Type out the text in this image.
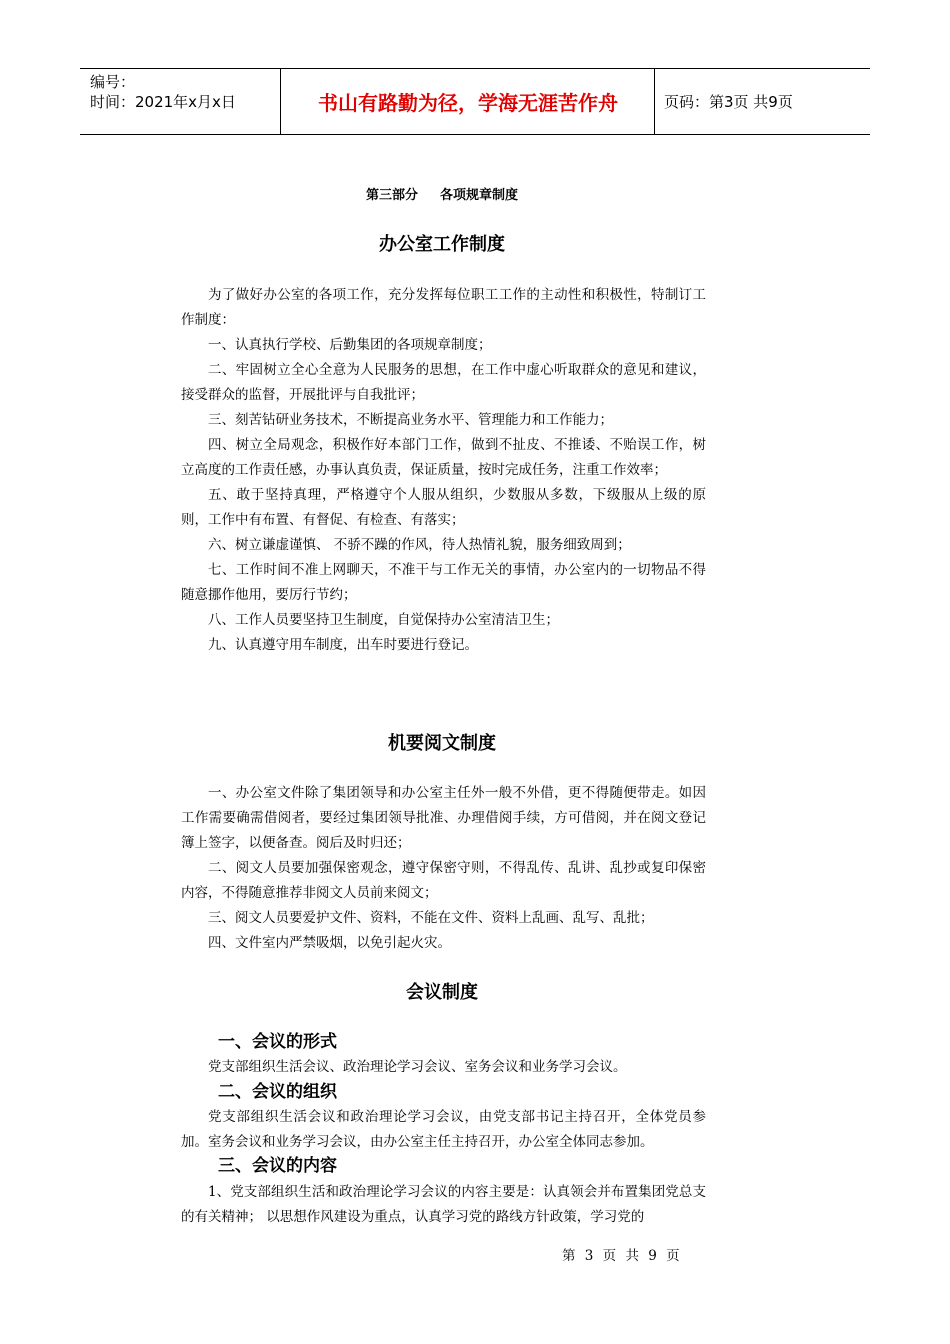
编号：
时间：2021年x月x日	书山有路勤为径，学海无涯苦作舟	页码：第3页 共9页
第三部分 各项规章制度
办公室工作制度

为了做好办公室的各项工作，充分发挥每位职工工作的主动性和积极性，特制订工作制度：

一、认真执行学校、后勤集团的各项规章制度；

二、牢固树立全心全意为人民服务的思想，在工作中虚心听取群众的意见和建议，接受群众的监督，开展批评与自我批评；

三、刻苦钻研业务技术，不断提高业务水平、管理能力和工作能力；

四、树立全局观念，积极作好本部门工作，做到不扯皮、不推诿、不贻误工作，树立高度的工作责任感，办事认真负责，保证质量，按时完成任务，注重工作效率；

五、敢于坚持真理，严格遵守个人服从组织，少数服从多数，下级服从上级的原则，工作中有布置、有督促、有检查、有落实；

六、树立谦虚谨慎、 不骄不躁的作风，待人热情礼貌，服务细致周到；

七、工作时间不准上网聊天，不准干与工作无关的事情，办公室内的一切物品不得随意挪作他用，要厉行节约；

八、工作人员要坚持卫生制度，自觉保持办公室清洁卫生；

九、认真遵守用车制度，出车时要进行登记。

机要阅文制度

一、办公室文件除了集团领导和办公室主任外一般不外借，更不得随便带走。如因工作需要确需借阅者，要经过集团领导批准、办理借阅手续，方可借阅，并在阅文登记簿上签字，以便备查。阅后及时归还；

二、阅文人员要加强保密观念，遵守保密守则，不得乱传、乱讲、乱抄或复印保密内容，不得随意推荐非阅文人员前来阅文；

三、阅文人员要爱护文件、资料，不能在文件、资料上乱画、乱写、乱批；

四、文件室内严禁吸烟，以免引起火灾。

会议制度
一、会议的形式

党支部组织生活会议、政治理论学习会议、室务会议和业务学习会议。

二、会议的组织

党支部组织生活会议和政治理论学习会议，由党支部书记主持召开，全体党员参加。室务会议和业务学习会议，由办公室主任主持召开，办公室全体同志参加。

三、会议的内容

1、党支部组织生活和政治理论学习会议的内容主要是：认真领会并布置集团党总支的有关精神； 以思想作风建设为重点，认真学习党的路线方针政策，学习党的

第 3 页 共 9 页
